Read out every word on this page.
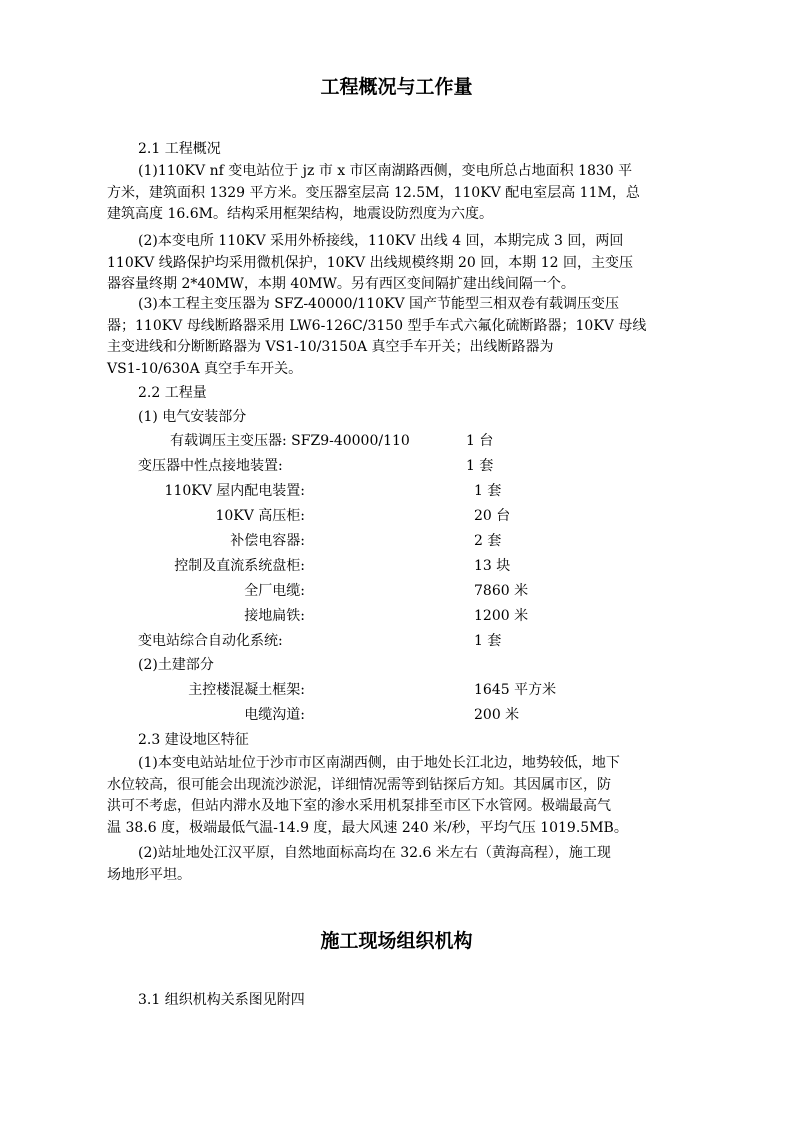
工程概况与工作量
2.1 工程概况
(1)110KV nf 变电站位于 jz 市 x 市区南湖路西侧，变电所总占地面积 1830 平
方米，建筑面积 1329 平方米。变压器室层高 12.5M，110KV 配电室层高 11M，总
建筑高度 16.6M。结构采用框架结构，地震设防烈度为六度。
(2)本变电所 110KV 采用外桥接线，110KV 出线 4 回，本期完成 3 回，两回
110KV 线路保护均采用微机保护，10KV 出线规模终期 20 回，本期 12 回，主变压
器容量终期 2*40MW，本期 40MW。另有西区变间隔扩建出线间隔一个。
(3)本工程主变压器为 SFZ-40000/110KV 国产节能型三相双卷有载调压变压
器；110KV 母线断路器采用 LW6-126C/3150 型手车式六氟化硫断路器；10KV 母线
主变进线和分断断路器为 VS1-10/3150A 真空手车开关；出线断路器为
VS1-10/630A 真空手车开关。
2.2 工程量
(1) 电气安装部分
有载调压主变压器: SFZ9-40000/110	1 台
变压器中性点接地装置:	1 套
110KV 屋内配电装置:	1 套
10KV 高压柜:	20 台
补偿电容器:	2 套
控制及直流系统盘柜:	13 块
全厂电缆:	7860 米
接地扁铁:	1200 米
变电站综合自动化系统:	1 套
(2)土建部分
主控楼混凝土框架:	1645 平方米
电缆沟道:	200 米
2.3 建设地区特征
(1)本变电站站址位于沙市市区南湖西侧，由于地处长江北边，地势较低，地下
水位较高，很可能会出现流沙淤泥，详细情况需等到钻探后方知。其因属市区，防
洪可不考虑，但站内滞水及地下室的渗水采用机泵排至市区下水管网。极端最高气
温 38.6 度，极端最低气温-14.9 度，最大风速 240 米/秒，平均气压 1019.5MB。
(2)站址地处江汉平原，自然地面标高均在 32.6 米左右（黄海高程），施工现
场地形平坦。
施工现场组织机构
3.1 组织机构关系图见附四
